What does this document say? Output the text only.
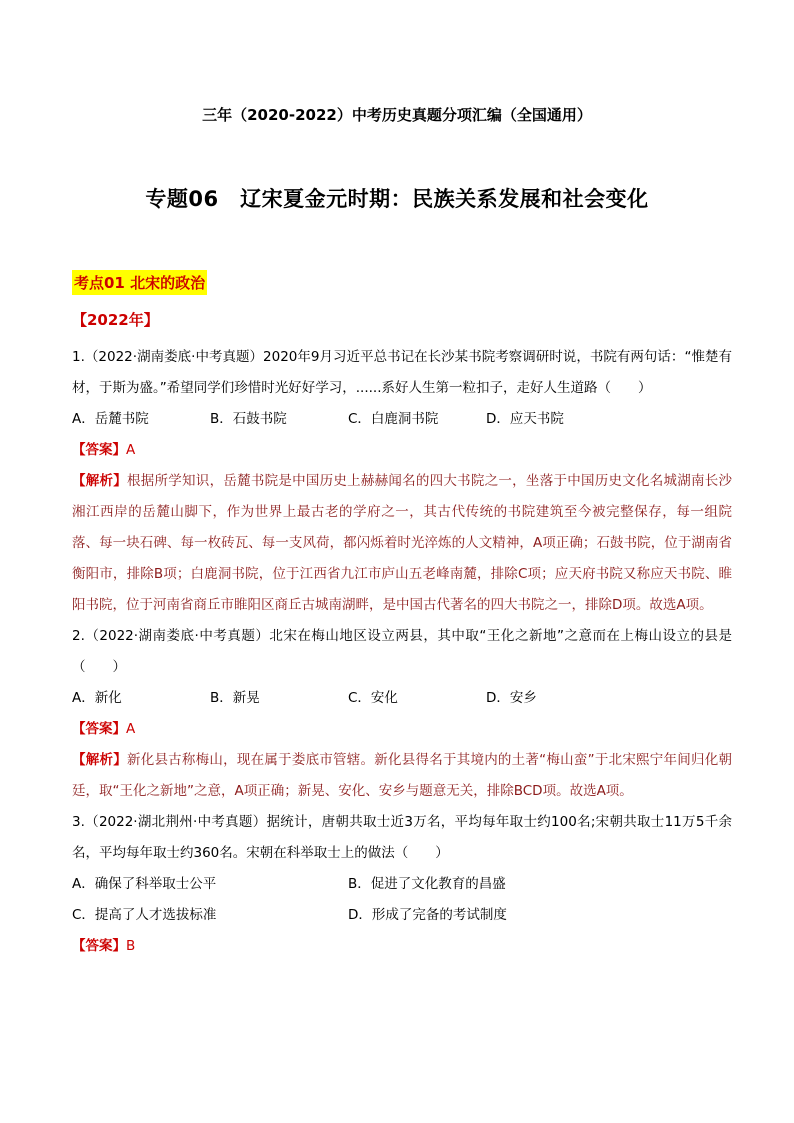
三年（2020-2022）中考历史真题分项汇编（全国通用）
专题06　辽宋夏金元时期：民族关系发展和社会变化
考点01 北宋的政治
【2022年】
1.（2022·湖南娄底·中考真题）2020年9月习近平总书记在长沙某书院考察调研时说，书院有两句话：“惟楚有材，于斯为盛。”希望同学们珍惜时光好好学习，......系好人生第一粒扣子，走好人生道路（　　）
A．岳麓书院	B．石鼓书院	C．白鹿洞书院	D．应天书院
【答案】A
【解析】根据所学知识，岳麓书院是中国历史上赫赫闻名的四大书院之一，坐落于中国历史文化名城湖南长沙湘江西岸的岳麓山脚下，作为世界上最古老的学府之一，其古代传统的书院建筑至今被完整保存，每一组院落、每一块石碑、每一枚砖瓦、每一支风荷，都闪烁着时光淬炼的人文精神，A项正确；石鼓书院，位于湖南省衡阳市，排除B项；白鹿洞书院，位于江西省九江市庐山五老峰南麓，排除C项；应天府书院又称应天书院、睢阳书院，位于河南省商丘市睢阳区商丘古城南湖畔，是中国古代著名的四大书院之一，排除D项。故选A项。
2.（2022·湖南娄底·中考真题）北宋在梅山地区设立两县，其中取“王化之新地”之意而在上梅山设立的县是（　　）
A．新化	B．新晃	C．安化	D．安乡
【答案】A
【解析】新化县古称梅山，现在属于娄底市管辖。新化县得名于其境内的土著“梅山蛮”于北宋熙宁年间归化朝廷，取“王化之新地”之意，A项正确；新晃、安化、安乡与题意无关，排除BCD项。故选A项。
3.（2022·湖北荆州·中考真题）据统计，唐朝共取士近3万名，平均每年取士约100名;宋朝共取士11万5千余名，平均每年取士约360名。宋朝在科举取士上的做法（　　）
A．确保了科举取士公平	B．促进了文化教育的昌盛
C．提高了人才选拔标准	D．形成了完备的考试制度
【答案】B
